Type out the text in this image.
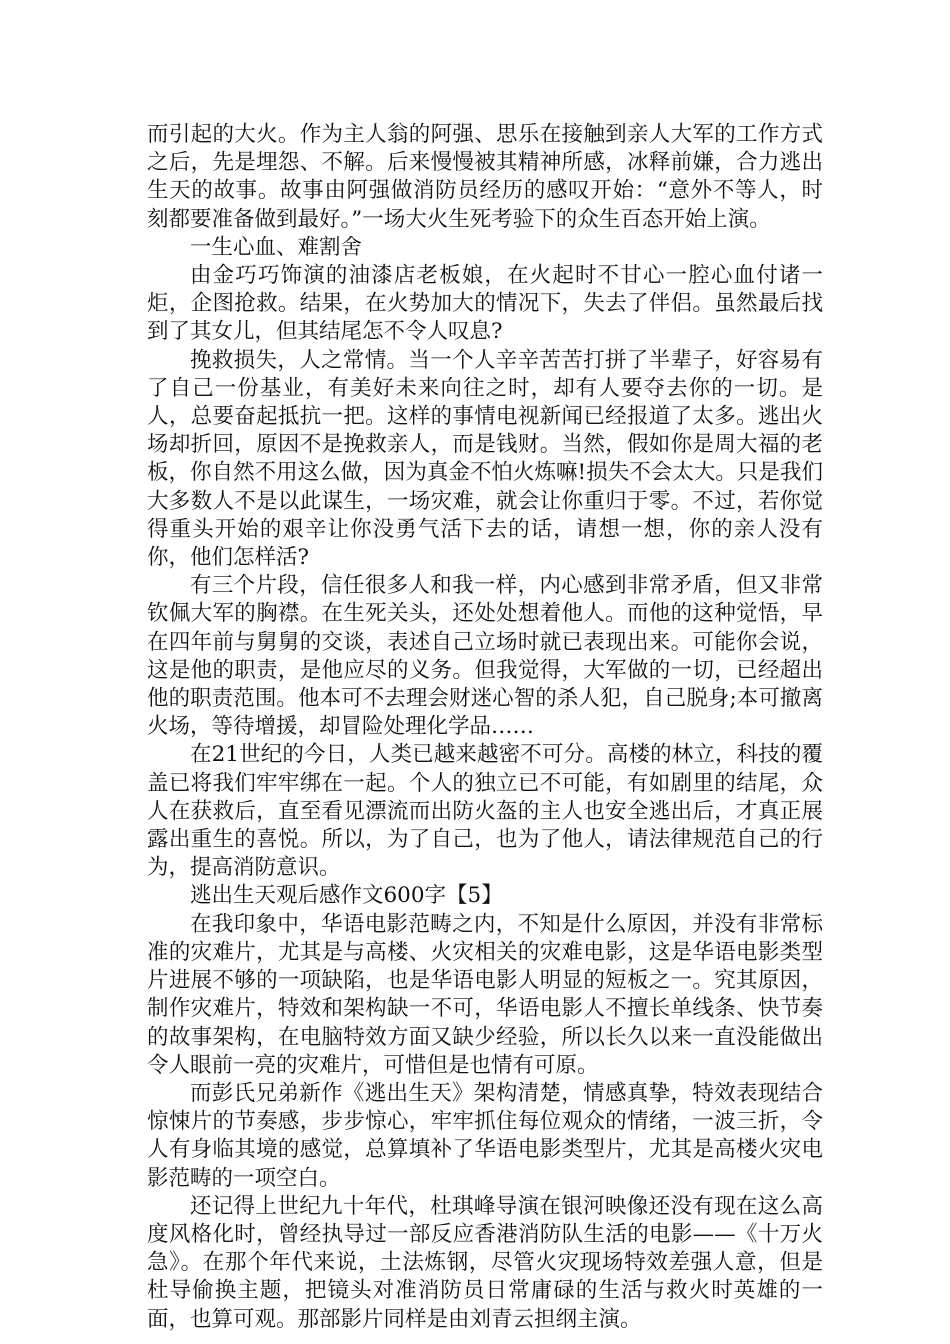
而引起的大火。作为主人翁的阿强、思乐在接触到亲人大军的工作方式之后，先是埋怨、不解。后来慢慢被其精神所感，冰释前嫌，合力逃出生天的故事。故事由阿强做消防员经历的感叹开始：“意外不等人，时刻都要准备做到最好。”一场大火生死考验下的众生百态开始上演。

一生心血、难割舍

由金巧巧饰演的油漆店老板娘，在火起时不甘心一腔心血付诸一炬，企图抢救。结果，在火势加大的情况下，失去了伴侣。虽然最后找到了其女儿，但其结尾怎不令人叹息?

挽救损失，人之常情。当一个人辛辛苦苦打拼了半辈子，好容易有了自己一份基业，有美好未来向往之时，却有人要夺去你的一切。是人，总要奋起抵抗一把。这样的事情电视新闻已经报道了太多。逃出火场却折回，原因不是挽救亲人，而是钱财。当然，假如你是周大福的老板，你自然不用这么做，因为真金不怕火炼嘛!损失不会太大。只是我们大多数人不是以此谋生，一场灾难，就会让你重归于零。不过，若你觉得重头开始的艰辛让你没勇气活下去的话，请想一想，你的亲人没有你，他们怎样活?

有三个片段，信任很多人和我一样，内心感到非常矛盾，但又非常钦佩大军的胸襟。在生死关头，还处处想着他人。而他的这种觉悟，早在四年前与舅舅的交谈，表述自己立场时就已表现出来。可能你会说，这是他的职责，是他应尽的义务。但我觉得，大军做的一切，已经超出他的职责范围。他本可不去理会财迷心智的杀人犯，自己脱身;本可撤离火场，等待增援，却冒险处理化学品……

在21世纪的今日，人类已越来越密不可分。高楼的林立，科技的覆盖已将我们牢牢绑在一起。个人的独立已不可能，有如剧里的结尾，众人在获救后，直至看见漂流而出防火盔的主人也安全逃出后，才真正展露出重生的喜悦。所以，为了自己，也为了他人，请法律规范自己的行为，提高消防意识。

逃出生天观后感作文600字【5】

在我印象中，华语电影范畴之内，不知是什么原因，并没有非常标准的灾难片，尤其是与高楼、火灾相关的灾难电影，这是华语电影类型片进展不够的一项缺陷，也是华语电影人明显的短板之一。究其原因，制作灾难片，特效和架构缺一不可，华语电影人不擅长单线条、快节奏的故事架构，在电脑特效方面又缺少经验，所以长久以来一直没能做出令人眼前一亮的灾难片，可惜但是也情有可原。

而彭氏兄弟新作《逃出生天》架构清楚，情感真挚，特效表现结合惊悚片的节奏感，步步惊心，牢牢抓住每位观众的情绪，一波三折，令人有身临其境的感觉，总算填补了华语电影类型片，尤其是高楼火灾电影范畴的一项空白。

还记得上世纪九十年代，杜琪峰导演在银河映像还没有现在这么高度风格化时，曾经执导过一部反应香港消防队生活的电影——《十万火急》。在那个年代来说，土法炼钢，尽管火灾现场特效差强人意，但是杜导偷换主题，把镜头对准消防员日常庸碌的生活与救火时英雄的一面，也算可观。那部影片同样是由刘青云担纲主演。
